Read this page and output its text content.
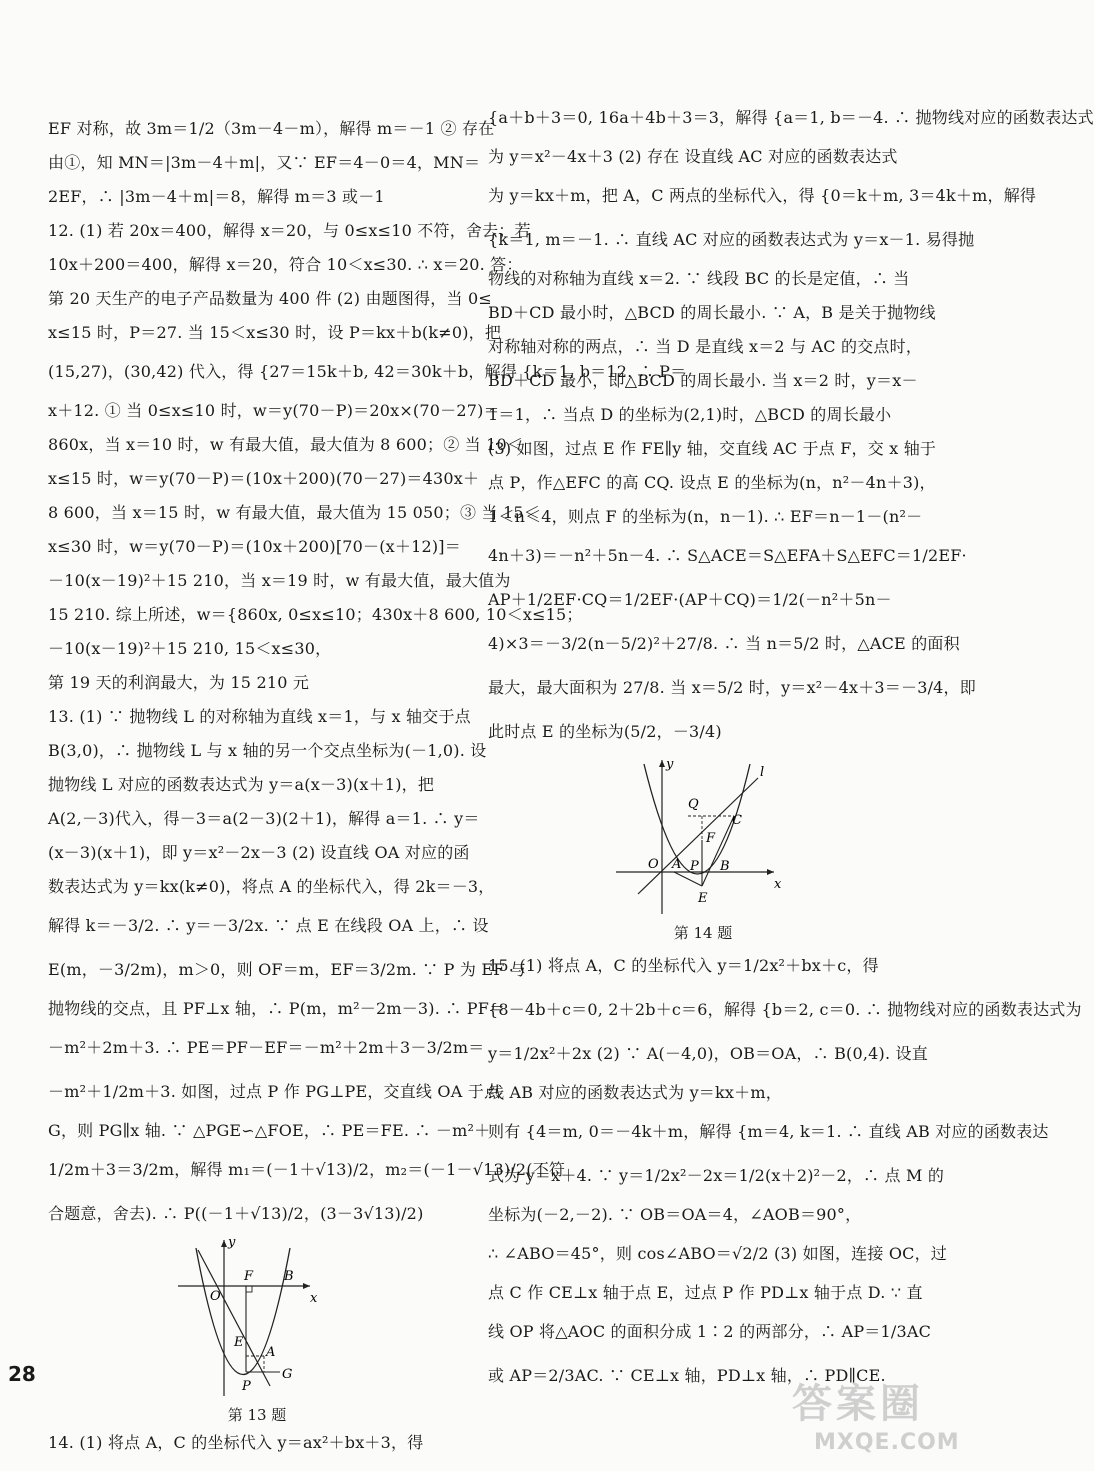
EF 对称，故 3m＝1/2（3m－4－m），解得 m＝－1 ② 存在
由①，知 MN＝|3m－4＋m|，又∵ EF＝4－0＝4，MN＝
2EF，∴ |3m－4＋m|＝8，解得 m＝3 或－1
12. (1) 若 20x＝400，解得 x＝20，与 0≤x≤10 不符，舍去；若
10x＋200＝400，解得 x＝20，符合 10＜x≤30. ∴ x＝20. 答：
第 20 天生产的电子产品数量为 400 件 (2) 由题图得，当 0≤
x≤15 时，P＝27. 当 15＜x≤30 时，设 P＝kx＋b(k≠0)，把
(15,27)，(30,42) 代入，得 {27＝15k＋b, 42＝30k＋b，解得 {k＝1, b＝12. ∴ P＝
x＋12. ① 当 0≤x≤10 时，w＝y(70－P)＝20x×(70－27)＝
860x，当 x＝10 时，w 有最大值，最大值为 8 600；② 当 10＜
x≤15 时，w＝y(70－P)＝(10x＋200)(70－27)＝430x＋
8 600，当 x＝15 时，w 有最大值，最大值为 15 050；③ 当 15＜
x≤30 时，w＝y(70－P)＝(10x＋200)[70－(x＋12)]＝
－10(x－19)²＋15 210，当 x＝19 时，w 有最大值，最大值为
15 210. 综上所述，w＝{860x, 0≤x≤10；430x＋8 600, 10＜x≤15；
－10(x－19)²＋15 210, 15＜x≤30，
第 19 天的利润最大，为 15 210 元
13. (1) ∵ 抛物线 L 的对称轴为直线 x＝1，与 x 轴交于点
B(3,0)，∴ 抛物线 L 与 x 轴的另一个交点坐标为(－1,0). 设
抛物线 L 对应的函数表达式为 y＝a(x－3)(x＋1)，把
A(2,－3)代入，得－3＝a(2－3)(2＋1)，解得 a＝1. ∴ y＝
(x－3)(x＋1)，即 y＝x²－2x－3 (2) 设直线 OA 对应的函
数表达式为 y＝kx(k≠0)，将点 A 的坐标代入，得 2k＝－3，
解得 k＝－3/2. ∴ y＝－3/2x. ∵ 点 E 在线段 OA 上，∴ 设
E(m，－3/2m)，m＞0，则 OF＝m，EF＝3/2m. ∵ P 为 EF 与
抛物线的交点，且 PF⊥x 轴，∴ P(m，m²－2m－3). ∴ PF＝
－m²＋2m＋3. ∴ PE＝PF－EF＝－m²＋2m＋3－3/2m＝
－m²＋1/2m＋3. 如图，过点 P 作 PG⊥PE，交直线 OA 于点
G，则 PG∥x 轴. ∵ △PGE∽△FOE，∴ PE＝FE. ∴ －m²＋
1/2m＋3＝3/2m，解得 m₁＝(－1＋√13)/2，m₂＝(－1－√13)/2(不符
合题意，舍去). ∴ P((－1＋√13)/2，(3－3√13)/2)
y
x
O
F B
E
A
P
G
第 13 题
14. (1) 将点 A，C 的坐标代入 y＝ax²＋bx＋3，得
{a＋b＋3＝0, 16a＋4b＋3＝3，解得 {a＝1, b＝－4. ∴ 抛物线对应的函数表达式
为 y＝x²－4x＋3 (2) 存在 设直线 AC 对应的函数表达式
为 y＝kx＋m，把 A，C 两点的坐标代入，得 {0＝k＋m, 3＝4k＋m，解得
{k＝1, m＝－1. ∴ 直线 AC 对应的函数表达式为 y＝x－1. 易得抛
物线的对称轴为直线 x＝2. ∵ 线段 BC 的长是定值，∴ 当
BD＋CD 最小时，△BCD 的周长最小. ∵ A，B 是关于抛物线
对称轴对称的两点，∴ 当 D 是直线 x＝2 与 AC 的交点时，
BD＋CD 最小，即△BCD 的周长最小. 当 x＝2 时，y＝x－
1＝1，∴ 当点 D 的坐标为(2,1)时，△BCD 的周长最小
(3) 如图，过点 E 作 FE∥y 轴，交直线 AC 于点 F，交 x 轴于
点 P，作△EFC 的高 CQ. 设点 E 的坐标为(n，n²－4n＋3)，
1＜n＜4，则点 F 的坐标为(n，n－1). ∴ EF＝n－1－(n²－
4n＋3)＝－n²＋5n－4. ∴ S△ACE＝S△EFA＋S△EFC＝1/2EF·
AP＋1/2EF·CQ＝1/2EF·(AP＋CQ)＝1/2(－n²＋5n－
4)×3＝－3/2(n－5/2)²＋27/8. ∴ 当 n＝5/2 时，△ACE 的面积
最大，最大面积为 27/8. 当 x＝5/2 时，y＝x²－4x＋3＝－3/4，即
此时点 E 的坐标为(5/2，－3/4)
y
x
O A P B
E
F
Q
C
l
第 14 题
15. (1) 将点 A，C 的坐标代入 y＝1/2x²＋bx＋c，得
{8－4b＋c＝0, 2＋2b＋c＝6，解得 {b＝2, c＝0. ∴ 抛物线对应的函数表达式为
y＝1/2x²＋2x (2) ∵ A(－4,0)，OB＝OA，∴ B(0,4). 设直
线 AB 对应的函数表达式为 y＝kx＋m，
则有 {4＝m, 0＝－4k＋m，解得 {m＝4, k＝1. ∴ 直线 AB 对应的函数表达
式为 y＝x＋4. ∵ y＝1/2x²－2x＝1/2(x＋2)²－2，∴ 点 M 的
坐标为(－2,－2). ∵ OB＝OA＝4，∠AOB＝90°，
∴ ∠ABO＝45°，则 cos∠ABO＝√2/2 (3) 如图，连接 OC，过
点 C 作 CE⊥x 轴于点 E，过点 P 作 PD⊥x 轴于点 D. ∵ 直
线 OP 将△AOC 的面积分成 1∶2 的两部分，∴ AP＝1/3AC
或 AP＝2/3AC. ∵ CE⊥x 轴，PD⊥x 轴，∴ PD∥CE.
28
答案圈
MXQE.COM
